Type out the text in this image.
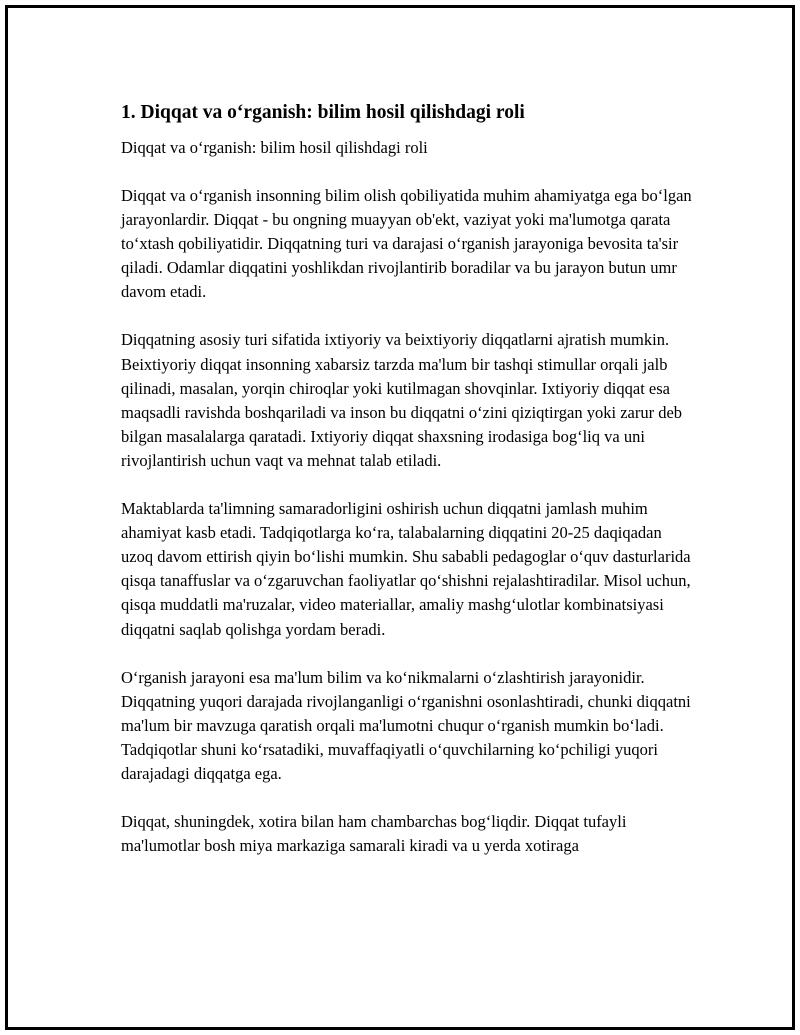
1. Diqqat va o‘rganish: bilim hosil qilishdagi roli

Diqqat va o‘rganish: bilim hosil qilishdagi roli

Diqqat va o‘rganish insonning bilim olish qobiliyatida muhim ahamiyatga ega bo‘lgan jarayonlardir. Diqqat - bu ongning muayyan ob'ekt, vaziyat yoki ma'lumotga qarata to‘xtash qobiliyatidir. Diqqatning turi va darajasi o‘rganish jarayoniga bevosita ta'sir qiladi. Odamlar diqqatini yoshlikdan rivojlantirib boradilar va bu jarayon butun umr davom etadi.

Diqqatning asosiy turi sifatida ixtiyoriy va beixtiyoriy diqqatlarni ajratish mumkin. Beixtiyoriy diqqat insonning xabarsiz tarzda ma'lum bir tashqi stimullar orqali jalb qilinadi, masalan, yorqin chiroqlar yoki kutilmagan shovqinlar. Ixtiyoriy diqqat esa maqsadli ravishda boshqariladi va inson bu diqqatni o‘zini qiziqtirgan yoki zarur deb bilgan masalalarga qaratadi. Ixtiyoriy diqqat shaxsning irodasiga bog‘liq va uni rivojlantirish uchun vaqt va mehnat talab etiladi.

Maktablarda ta'limning samaradorligini oshirish uchun diqqatni jamlash muhim ahamiyat kasb etadi. Tadqiqotlarga ko‘ra, talabalarning diqqatini 20-25 daqiqadan uzoq davom ettirish qiyin bo‘lishi mumkin. Shu sababli pedagoglar o‘quv dasturlarida qisqa tanaffuslar va o‘zgaruvchan faoliyatlar qo‘shishni rejalashtiradilar. Misol uchun, qisqa muddatli ma'ruzalar, video materiallar, amaliy mashg‘ulotlar kombinatsiyasi diqqatni saqlab qolishga yordam beradi.

O‘rganish jarayoni esa ma'lum bilim va ko‘nikmalarni o‘zlashtirish jarayonidir. Diqqatning yuqori darajada rivojlanganligi o‘rganishni osonlashtiradi, chunki diqqatni ma'lum bir mavzuga qaratish orqali ma'lumotni chuqur o‘rganish mumkin bo‘ladi. Tadqiqotlar shuni ko‘rsatadiki, muvaffaqiyatli o‘quvchilarning ko‘pchiligi yuqori darajadagi diqqatga ega.

Diqqat, shuningdek, xotira bilan ham chambarchas bog‘liqdir. Diqqat tufayli ma'lumotlar bosh miya markaziga samarali kiradi va u yerda xotiraga
